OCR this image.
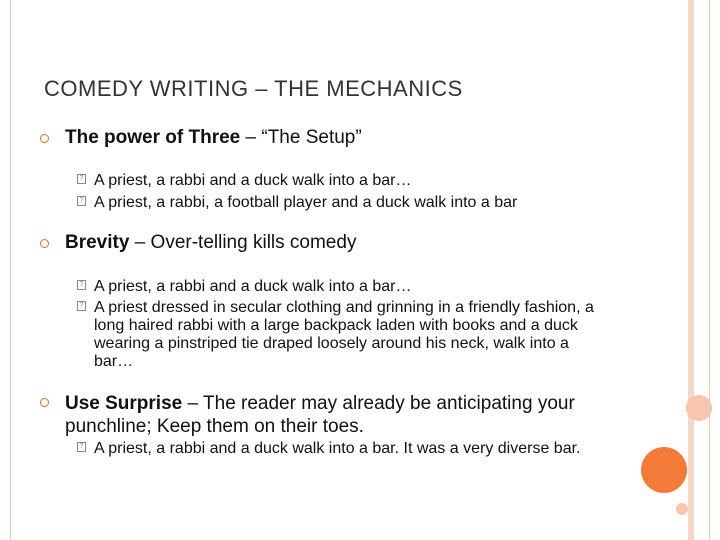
COMEDY WRITING – THE MECHANICS
The power of Three – “The Setup”
? A priest, a rabbi and a duck walk into a bar…
? A priest, a rabbi, a football player and a duck walk into a bar
Brevity – Over-telling kills comedy
? A priest, a rabbi and a duck walk into a bar…
? A priest dressed in secular clothing and grinning in a friendly fashion, a long haired rabbi with a large backpack laden with books and a duck wearing a pinstriped tie draped loosely around his neck, walk into a bar…
Use Surprise – The reader may already be anticipating your punchline; Keep them on their toes.
? A priest, a rabbi and a duck walk into a bar. It was a very diverse bar.
